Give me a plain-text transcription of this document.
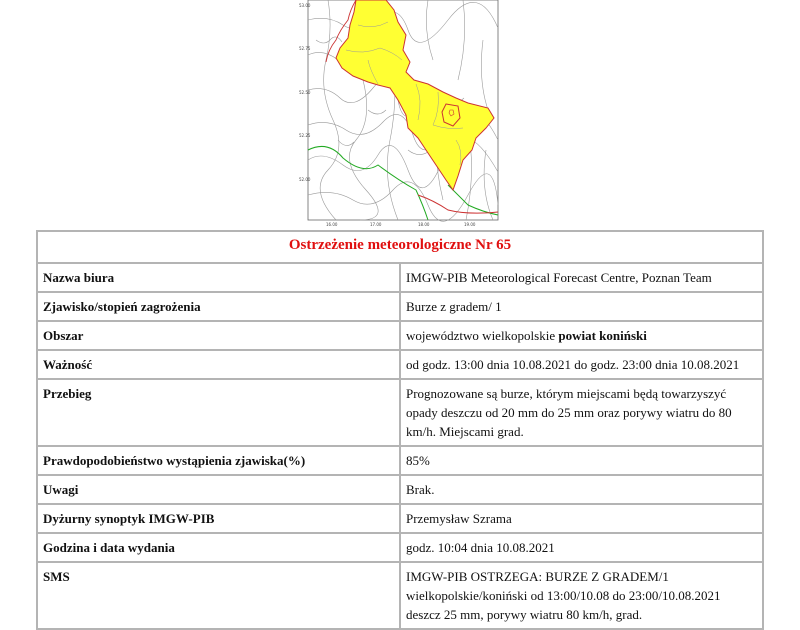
53.00
52.75
52.50
52.25
52.00
16.00	17.00	18.00	19.00
Ostrzeżenie meteorologiczne Nr 65	
Nazwa biura	IMGW-PIB Meteorological Forecast Centre, Poznan Team
Zjawisko/stopień zagrożenia	Burze z gradem/ 1
Obszar	województwo wielkopolskie powiat koniński
Ważność	od godz. 13:00 dnia 10.08.2021 do godz. 23:00 dnia 10.08.2021
Przebieg	Prognozowane są burze, którym miejscami będą towarzyszyć opady deszczu od 20 mm do 25 mm oraz porywy wiatru do 80 km/h. Miejscami grad.
Prawdopodobieństwo wystąpienia zjawiska(%)	85%
Uwagi	Brak.
Dyżurny synoptyk IMGW-PIB	Przemysław Szrama
Godzina i data wydania	godz. 10:04 dnia 10.08.2021
SMS	IMGW-PIB OSTRZEGA: BURZE Z GRADEM/1 wielkopolskie/koniński od 13:00/10.08 do 23:00/10.08.2021 deszcz 25 mm, porywy wiatru 80 km/h, grad.
